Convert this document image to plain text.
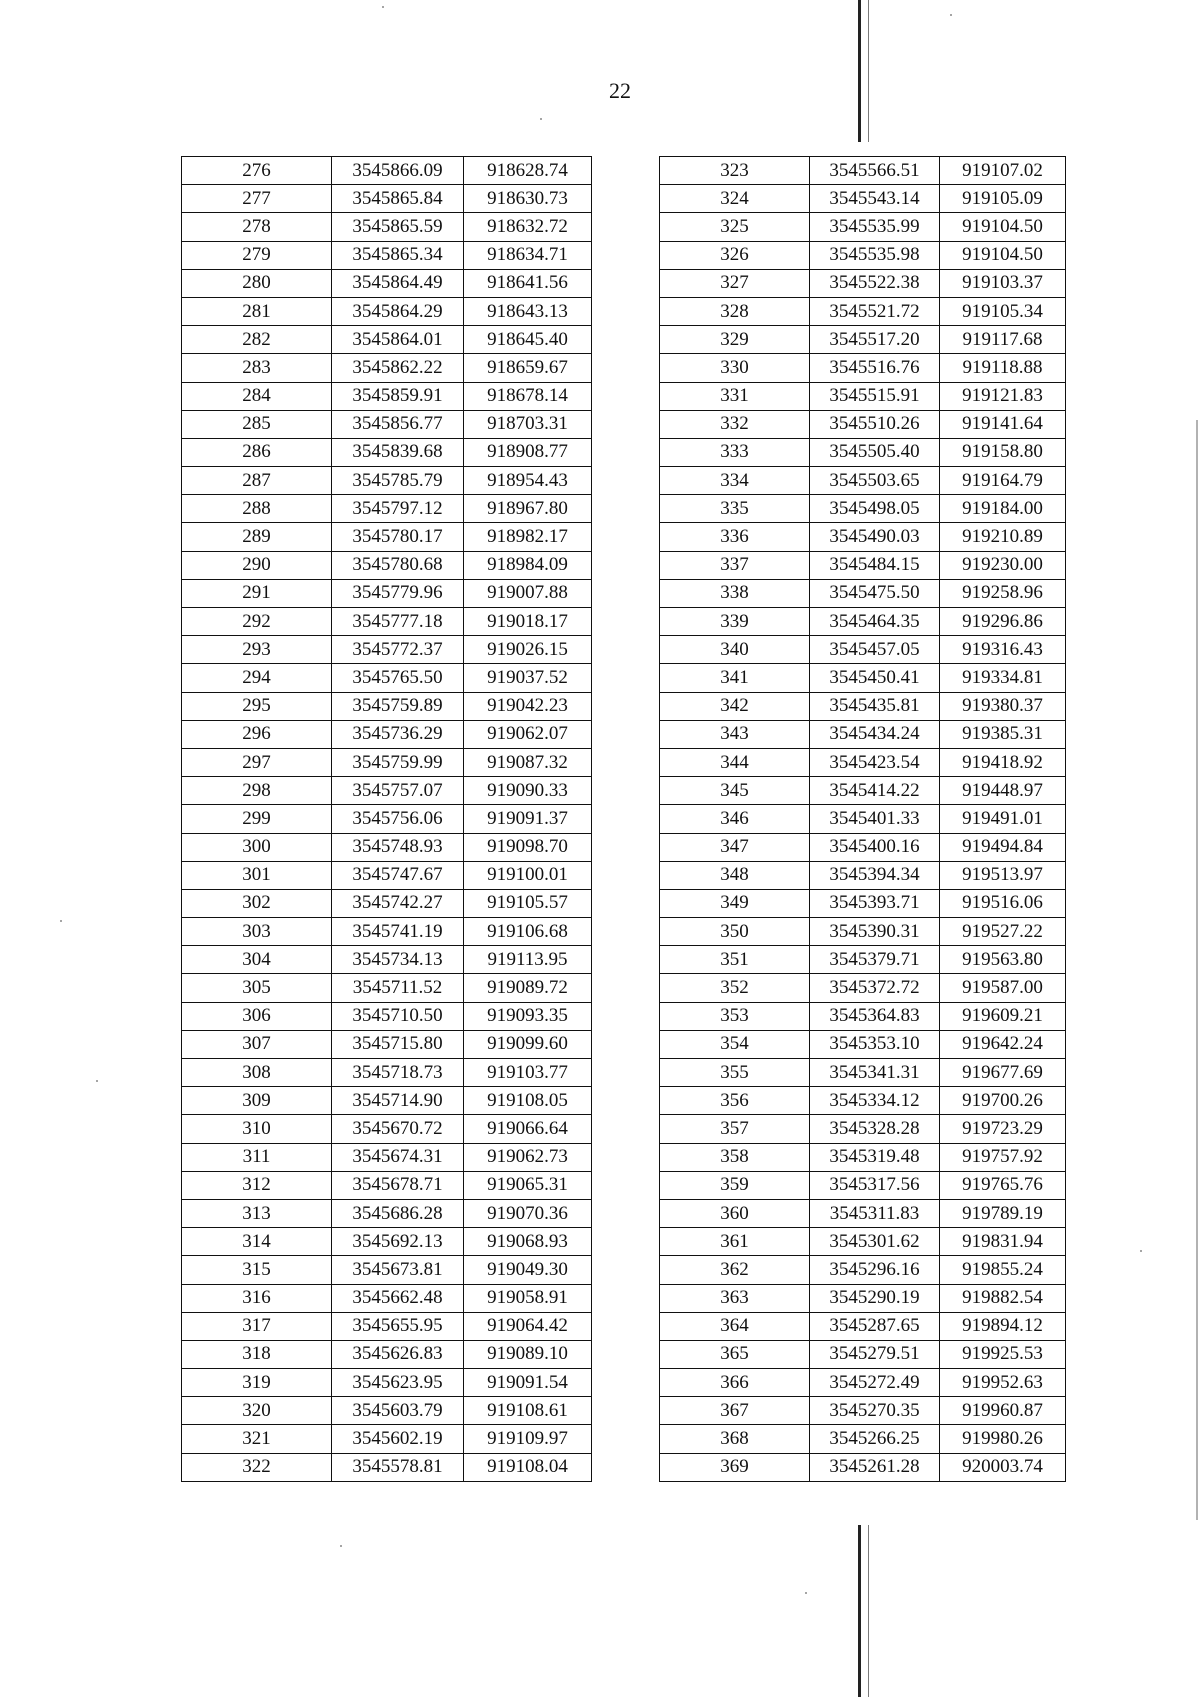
22
276	3545866.09	918628.74
277	3545865.84	918630.73
278	3545865.59	918632.72
279	3545865.34	918634.71
280	3545864.49	918641.56
281	3545864.29	918643.13
282	3545864.01	918645.40
283	3545862.22	918659.67
284	3545859.91	918678.14
285	3545856.77	918703.31
286	3545839.68	918908.77
287	3545785.79	918954.43
288	3545797.12	918967.80
289	3545780.17	918982.17
290	3545780.68	918984.09
291	3545779.96	919007.88
292	3545777.18	919018.17
293	3545772.37	919026.15
294	3545765.50	919037.52
295	3545759.89	919042.23
296	3545736.29	919062.07
297	3545759.99	919087.32
298	3545757.07	919090.33
299	3545756.06	919091.37
300	3545748.93	919098.70
301	3545747.67	919100.01
302	3545742.27	919105.57
303	3545741.19	919106.68
304	3545734.13	919113.95
305	3545711.52	919089.72
306	3545710.50	919093.35
307	3545715.80	919099.60
308	3545718.73	919103.77
309	3545714.90	919108.05
310	3545670.72	919066.64
311	3545674.31	919062.73
312	3545678.71	919065.31
313	3545686.28	919070.36
314	3545692.13	919068.93
315	3545673.81	919049.30
316	3545662.48	919058.91
317	3545655.95	919064.42
318	3545626.83	919089.10
319	3545623.95	919091.54
320	3545603.79	919108.61
321	3545602.19	919109.97
322	3545578.81	919108.04
323	3545566.51	919107.02
324	3545543.14	919105.09
325	3545535.99	919104.50
326	3545535.98	919104.50
327	3545522.38	919103.37
328	3545521.72	919105.34
329	3545517.20	919117.68
330	3545516.76	919118.88
331	3545515.91	919121.83
332	3545510.26	919141.64
333	3545505.40	919158.80
334	3545503.65	919164.79
335	3545498.05	919184.00
336	3545490.03	919210.89
337	3545484.15	919230.00
338	3545475.50	919258.96
339	3545464.35	919296.86
340	3545457.05	919316.43
341	3545450.41	919334.81
342	3545435.81	919380.37
343	3545434.24	919385.31
344	3545423.54	919418.92
345	3545414.22	919448.97
346	3545401.33	919491.01
347	3545400.16	919494.84
348	3545394.34	919513.97
349	3545393.71	919516.06
350	3545390.31	919527.22
351	3545379.71	919563.80
352	3545372.72	919587.00
353	3545364.83	919609.21
354	3545353.10	919642.24
355	3545341.31	919677.69
356	3545334.12	919700.26
357	3545328.28	919723.29
358	3545319.48	919757.92
359	3545317.56	919765.76
360	3545311.83	919789.19
361	3545301.62	919831.94
362	3545296.16	919855.24
363	3545290.19	919882.54
364	3545287.65	919894.12
365	3545279.51	919925.53
366	3545272.49	919952.63
367	3545270.35	919960.87
368	3545266.25	919980.26
369	3545261.28	920003.74
